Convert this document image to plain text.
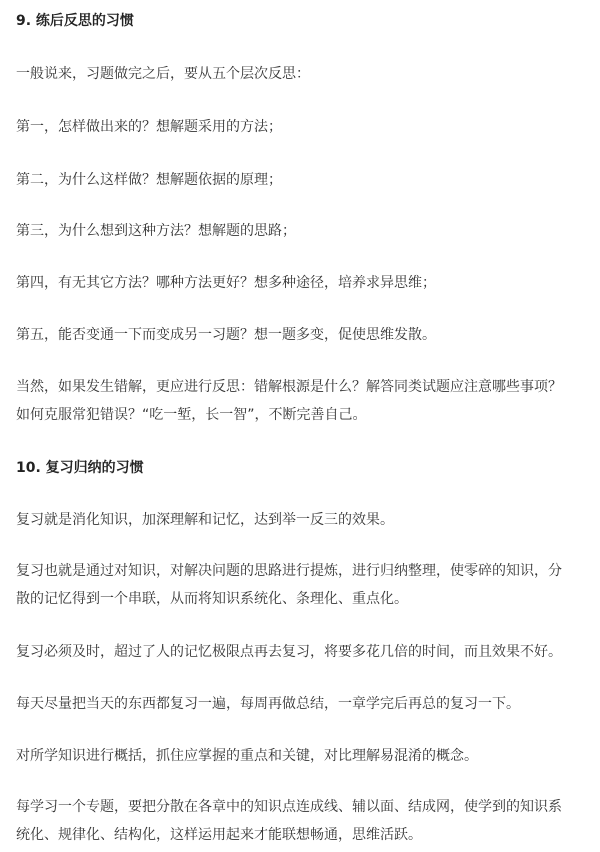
9. 练后反思的习惯
一般说来，习题做完之后，要从五个层次反思：
第一，怎样做出来的？想解题采用的方法；
第二，为什么这样做？想解题依据的原理；
第三，为什么想到这种方法？想解题的思路；
第四，有无其它方法？哪种方法更好？想多种途径，培养求异思维；
第五，能否变通一下而变成另一习题？想一题多变，促使思维发散。
当然，如果发生错解，更应进行反思：错解根源是什么？解答同类试题应注意哪些事项？
如何克服常犯错误？“吃一堑，长一智”，不断完善自己。
10. 复习归纳的习惯
复习就是消化知识，加深理解和记忆，达到举一反三的效果。
复习也就是通过对知识，对解决问题的思路进行提炼，进行归纳整理，使零碎的知识，分
散的记忆得到一个串联，从而将知识系统化、条理化、重点化。
复习必须及时，超过了人的记忆极限点再去复习，将要多花几倍的时间，而且效果不好。
每天尽量把当天的东西都复习一遍，每周再做总结，一章学完后再总的复习一下。
对所学知识进行概括，抓住应掌握的重点和关键，对比理解易混淆的概念。
每学习一个专题，要把分散在各章中的知识点连成线、辅以面、结成网，使学到的知识系
统化、规律化、结构化，这样运用起来才能联想畅通，思维活跃。
